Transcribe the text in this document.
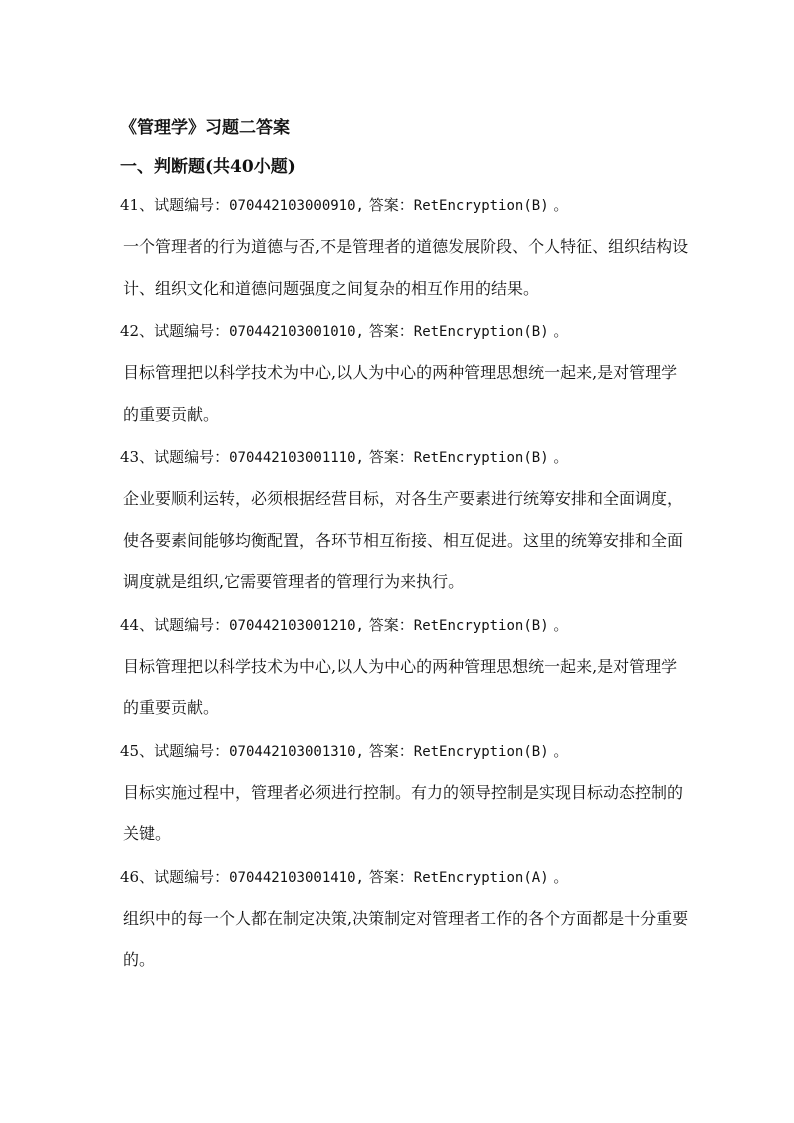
《管理学》习题二答案
一、判断题(共40小题)
41、试题编号：070442103000910, 答案：RetEncryption(B) 。
一个管理者的行为道德与否,不是管理者的道德发展阶段、个人特征、组织结构设计、组织文化和道德问题强度之间复杂的相互作用的结果。
42、试题编号：070442103001010, 答案：RetEncryption(B) 。
目标管理把以科学技术为中心,以人为中心的两种管理思想统一起来,是对管理学的重要贡献。
43、试题编号：070442103001110, 答案：RetEncryption(B) 。
企业要顺利运转，必须根据经营目标，对各生产要素进行统筹安排和全面调度，使各要素间能够均衡配置，各环节相互衔接、相互促进。这里的统筹安排和全面调度就是组织,它需要管理者的管理行为来执行。
44、试题编号：070442103001210, 答案：RetEncryption(B) 。
目标管理把以科学技术为中心,以人为中心的两种管理思想统一起来,是对管理学的重要贡献。
45、试题编号：070442103001310, 答案：RetEncryption(B) 。
目标实施过程中，管理者必须进行控制。有力的领导控制是实现目标动态控制的关键。
46、试题编号：070442103001410, 答案：RetEncryption(A) 。
组织中的每一个人都在制定决策,决策制定对管理者工作的各个方面都是十分重要的。
